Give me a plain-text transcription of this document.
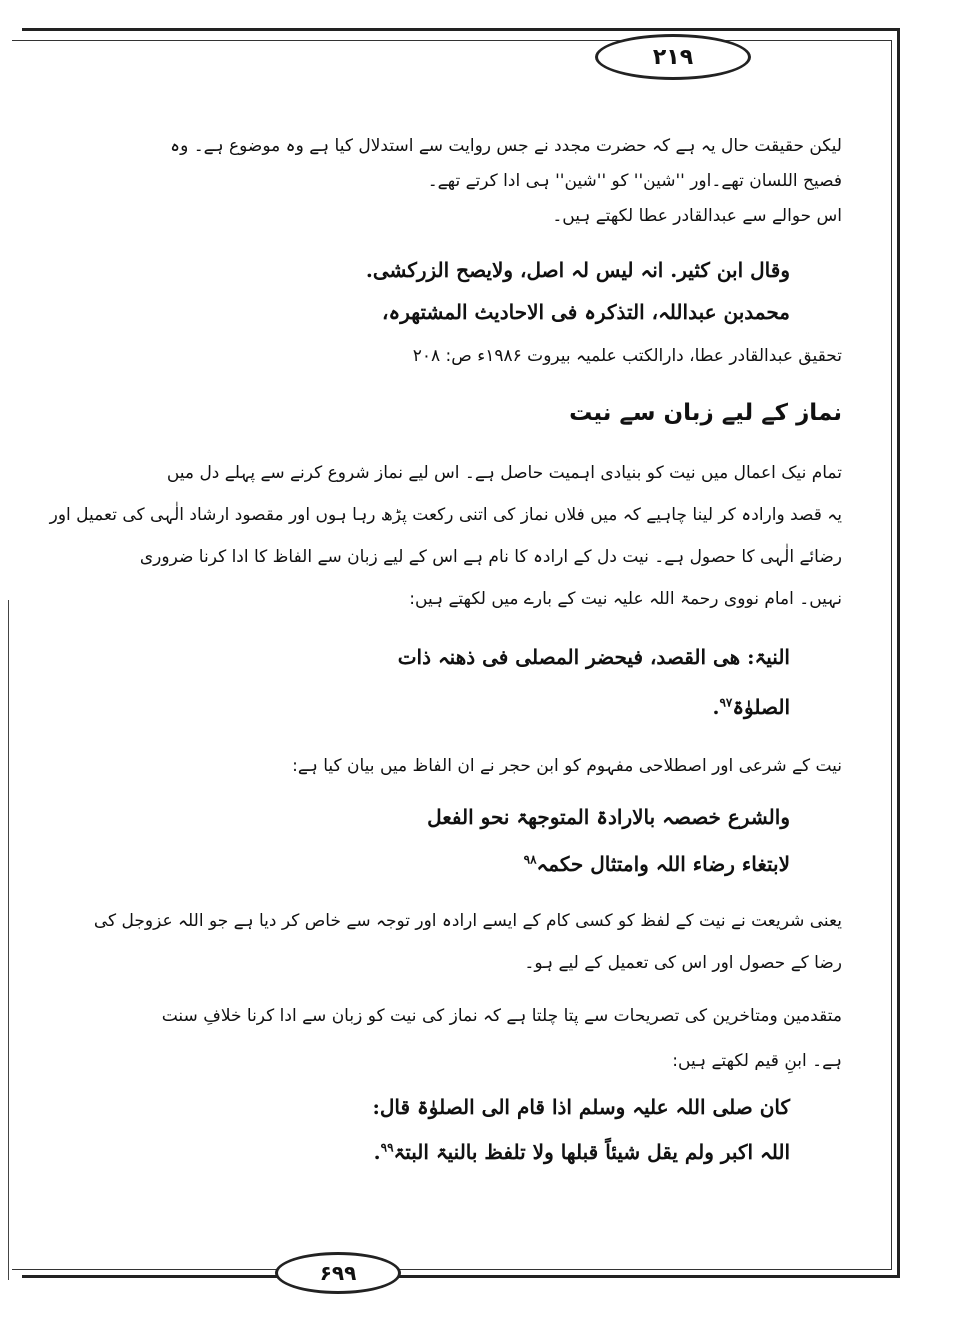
۲۱۹
لیکن حقیقت حال یہ ہے کہ حضرت مجدد نے جس روایت سے استدلال کیا ہے وہ موضوع ہے۔ وہ
فصیح اللسان تھے۔اور ''شین'' کو ''شین'' ہی ادا کرتے تھے۔
اس حوالے سے عبدالقادر عطا لکھتے ہیں۔
وقال ابن کثیر. انہ لیس لہ اصل، ولایصح الزرکشی.
محمدبن عبداللہ، التذکرہ فی الاحادیث المشتھرہ،
تحقیق عبدالقادر عطا، دارالکتب علمیہ بیروت ۱۹۸۶ء ص: ۲۰۸
نماز کے لیے زبان سے نیت
تمام نیک اعمال میں نیت کو بنیادی اہمیت حاصل ہے۔ اس لیے نماز شروع کرنے سے پہلے دل میں
یہ قصد وارادہ کر لینا چاہیے کہ میں فلاں نماز کی اتنی رکعت پڑھ رہا ہوں اور مقصود ارشاد الٰہی کی تعمیل اور
رضائے الٰہی کا حصول ہے۔ نیت دل کے ارادہ کا نام ہے اس کے لیے زبان سے الفاظ کا ادا کرنا ضروری
نہیں۔ امام نووی رحمۃ اللہ علیہ نیت کے بارے میں لکھتے ہیں:
النیۃ: ھی القصد، فیحضر المصلی فی ذھنہ ذات
الصلوٰۃ$^{۹۷}$.
نیت کے شرعی اور اصطلاحی مفہوم کو ابن حجر نے ان الفاظ میں بیان کیا ہے:
والشرع خصصہ بالارادۃ المتوجھۃ نحو الفعل
لابتغاء رضاء اللہ وامتثال حکمہ$^{۹۸}$
یعنی شریعت نے نیت کے لفظ کو کسی کام کے ایسے ارادہ اور توجہ سے خاص کر دیا ہے جو اللہ عزوجل کی
رضا کے حصول اور اس کی تعمیل کے لیے ہو۔
متقدمین ومتاخرین کی تصریحات سے پتا چلتا ہے کہ نماز کی نیت کو زبان سے ادا کرنا خلافِ سنت
ہے۔ ابنِ قیم لکھتے ہیں:
کان صلی اللہ علیہ وسلم اذا قام الی الصلوٰۃ قال:
اللہ اکبر ولم یقل شیئاً قبلھا ولا تلفظ بالنیۃ البتۃ$^{۹۹}$.
۶۹۹
